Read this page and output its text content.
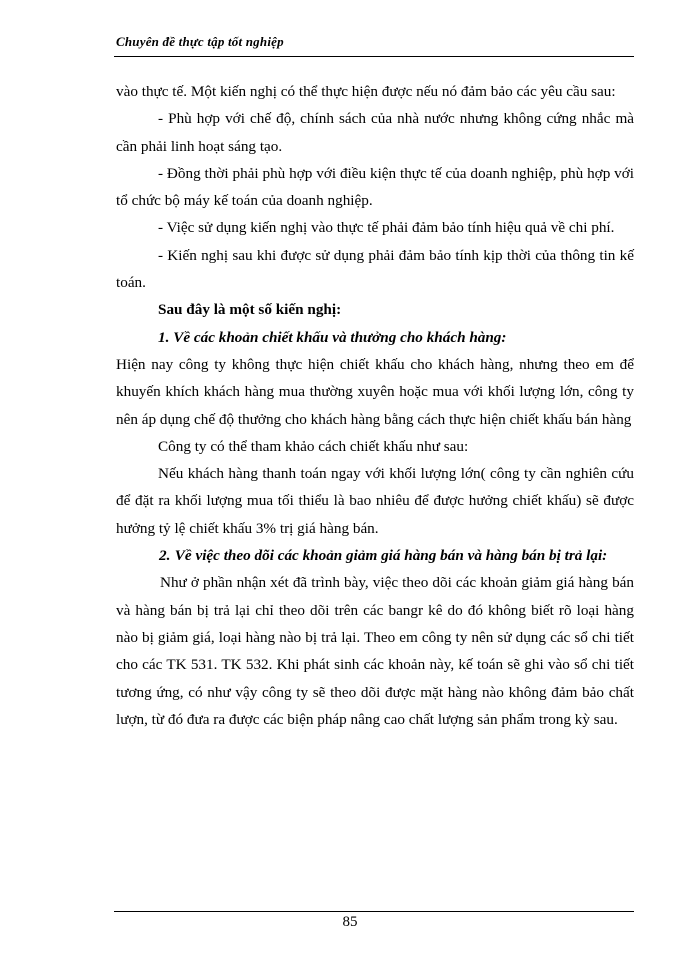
Chuyên đề thực tập tốt nghiệp

vào thực tế. Một kiến nghị có thể thực hiện được nếu nó đảm bảo các yêu cầu sau:

- Phù hợp với chế độ, chính sách của nhà nước nhưng không cứng nhắc mà cần phải linh hoạt sáng tạo.

- Đồng thời phải phù hợp với điều kiện thực tế của doanh nghiệp, phù hợp với tổ chức bộ máy kế toán của doanh nghiệp.

- Việc sử dụng kiến nghị vào thực tế phải đảm bảo tính hiệu quả về chi phí.

- Kiến nghị sau khi được sử dụng phải đảm bảo tính kịp thời của thông tin kế toán.

Sau đây là một số kiến nghị:

1. Về các khoản chiết khấu và thưởng cho khách hàng:

Hiện nay công ty không thực hiện chiết khấu cho khách hàng, nhưng theo em để khuyến khích khách hàng mua thường xuyên hoặc mua với khối lượng lớn, công ty nên áp dụng chế độ thưởng cho khách hàng bằng cách thực hiện chiết khấu bán hàng

Công ty có thể tham khảo cách chiết khấu như sau:

Nếu khách hàng thanh toán ngay với khối lượng lớn( công ty cần nghiên cứu để đặt ra khối lượng mua tối thiểu là bao nhiêu để được hưởng chiết khấu) sẽ được hưởng tỷ lệ chiết khấu 3% trị giá hàng bán.

2. Về việc theo dõi các khoản giảm giá hàng bán và hàng bán bị trả lại:

Như ở phần nhận xét đã trình bày, việc theo dõi các khoản giảm giá hàng bán và hàng bán bị trả lại chỉ theo dõi trên các bangr kê do đó không biết rõ loại hàng nào bị giảm giá, loại hàng nào bị trả lại. Theo em công ty nên sử dụng các sổ chi tiết cho các TK 531. TK 532. Khi phát sinh các khoản này, kế toán sẽ ghi vào sổ chi tiết tương ứng, có như vậy công ty sẽ theo dõi được mặt hàng nào không đảm bảo chất lượn, từ đó đưa ra được các biện pháp nâng cao chất lượng sản phẩm trong kỳ sau.

85
